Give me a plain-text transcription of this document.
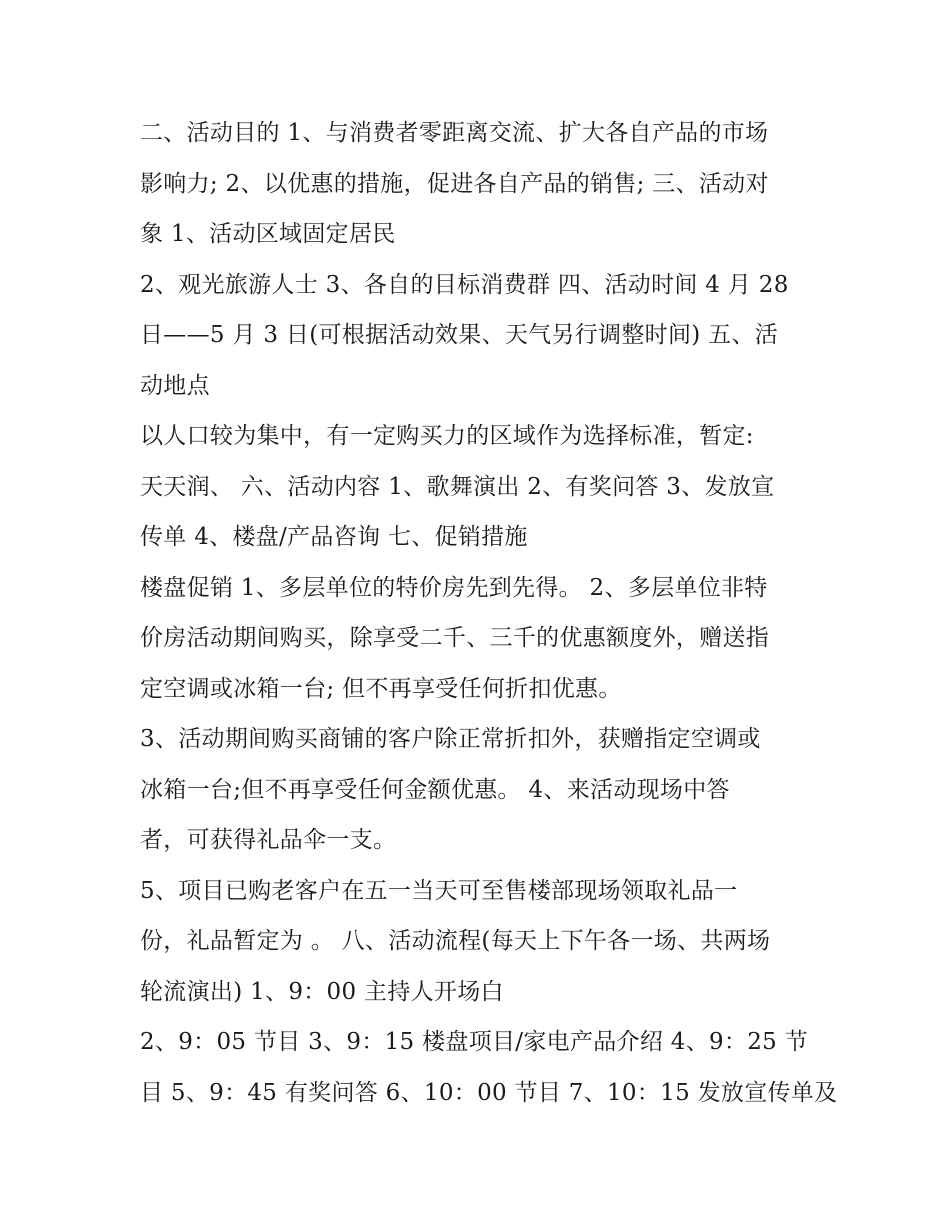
二、活动目的 1、与消费者零距离交流、扩大各自产品的市场
影响力; 2、以优惠的措施，促进各自产品的销售; 三、活动对
象 1、活动区域固定居民
2、观光旅游人士 3、各自的目标消费群 四、活动时间 4 月 28
日——5 月 3 日(可根据活动效果、天气另行调整时间) 五、活
动地点
以人口较为集中，有一定购买力的区域作为选择标准，暂定:
天天润、 六、活动内容 1、歌舞演出 2、有奖问答 3、发放宣
传单 4、楼盘/产品咨询 七、促销措施
楼盘促销 1、多层单位的特价房先到先得。 2、多层单位非特
价房活动期间购买，除享受二千、三千的优惠额度外，赠送指
定空调或冰箱一台; 但不再享受任何折扣优惠。
3、活动期间购买商铺的客户除正常折扣外，获赠指定空调或
冰箱一台;但不再享受任何金额优惠。 4、来活动现场中答
者，可获得礼品伞一支。
5、项目已购老客户在五一当天可至售楼部现场领取礼品一
份，礼品暂定为 。 八、活动流程(每天上下午各一场、共两场
轮流演出) 1、9：00 主持人开场白
2、9：05 节目 3、9：15 楼盘项目/家电产品介绍 4、9：25 节
目 5、9：45 有奖问答 6、10：00 节目 7、10：15 发放宣传单及
